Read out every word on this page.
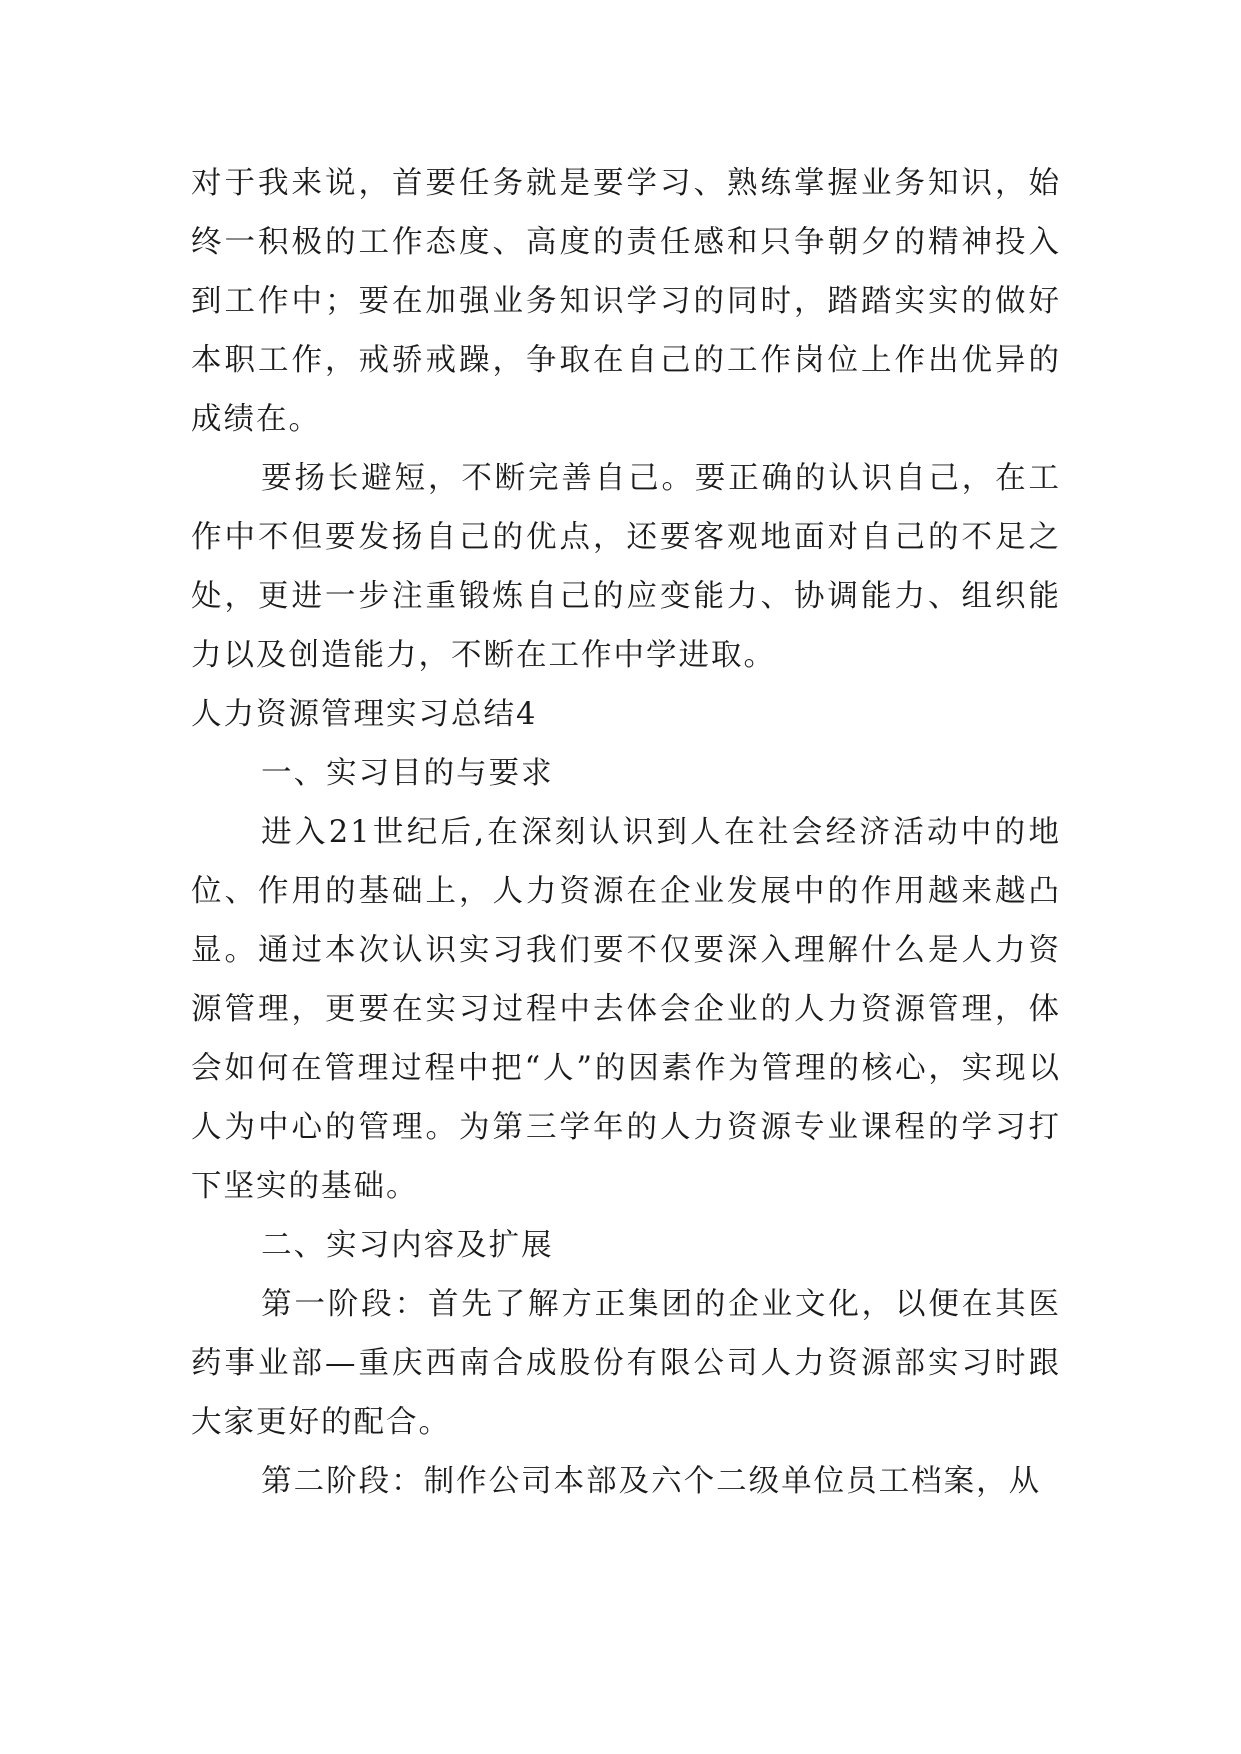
对于我来说，首要任务就是要学习、熟练掌握业务知识，始终一积极的工作态度、高度的责任感和只争朝夕的精神投入到工作中；要在加强业务知识学习的同时，踏踏实实的做好本职工作，戒骄戒躁，争取在自己的工作岗位上作出优异的成绩在。

要扬长避短，不断完善自己。要正确的认识自己，在工作中不但要发扬自己的优点，还要客观地面对自己的不足之处，更进一步注重锻炼自己的应变能力、协调能力、组织能力以及创造能力，不断在工作中学进取。

人力资源管理实习总结4

一、实习目的与要求

进入21世纪后,在深刻认识到人在社会经济活动中的地位、作用的基础上，人力资源在企业发展中的作用越来越凸显。通过本次认识实习我们要不仅要深入理解什么是人力资源管理，更要在实习过程中去体会企业的人力资源管理，体会如何在管理过程中把“人”的因素作为管理的核心，实现以人为中心的管理。为第三学年的人力资源专业课程的学习打下坚实的基础。

二、实习内容及扩展

第一阶段：首先了解方正集团的企业文化，以便在其医药事业部—重庆西南合成股份有限公司人力资源部实习时跟大家更好的配合。

第二阶段：制作公司本部及六个二级单位员工档案，从
